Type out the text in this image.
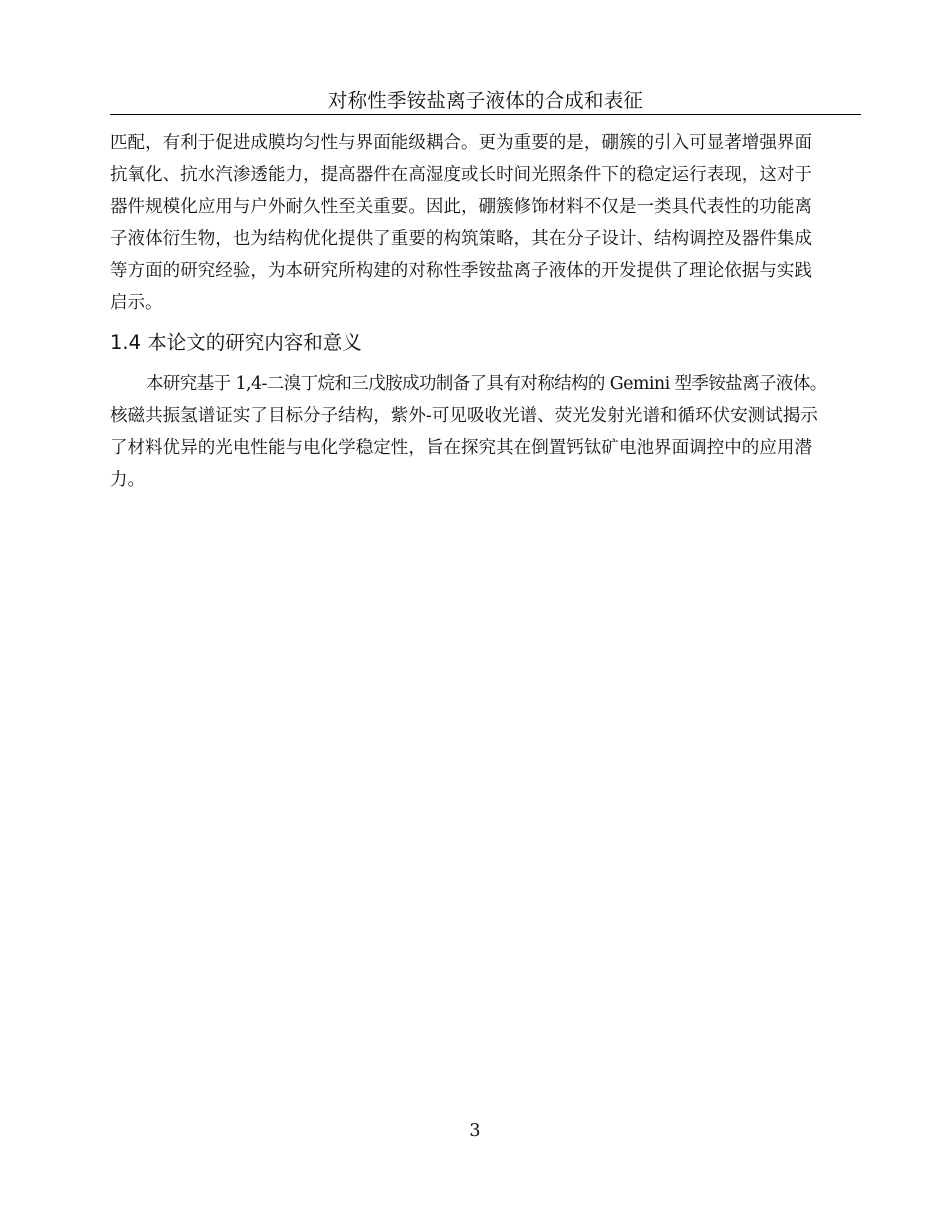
对称性季铵盐离子液体的合成和表征
匹配，有利于促进成膜均匀性与界面能级耦合。更为重要的是，硼簇的引入可显著增强界面
抗氧化、抗水汽渗透能力，提高器件在高湿度或长时间光照条件下的稳定运行表现，这对于
器件规模化应用与户外耐久性至关重要。因此，硼簇修饰材料不仅是一类具代表性的功能离
子液体衍生物，也为结构优化提供了重要的构筑策略，其在分子设计、结构调控及器件集成
等方面的研究经验，为本研究所构建的对称性季铵盐离子液体的开发提供了理论依据与实践
启示。
1.4 本论文的研究内容和意义
本研究基于 1,4-二溴丁烷和三戊胺成功制备了具有对称结构的 Gemini 型季铵盐离子液体。
核磁共振氢谱证实了目标分子结构，紫外-可见吸收光谱、荧光发射光谱和循环伏安测试揭示
了材料优异的光电性能与电化学稳定性，旨在探究其在倒置钙钛矿电池界面调控中的应用潜
力。
3
